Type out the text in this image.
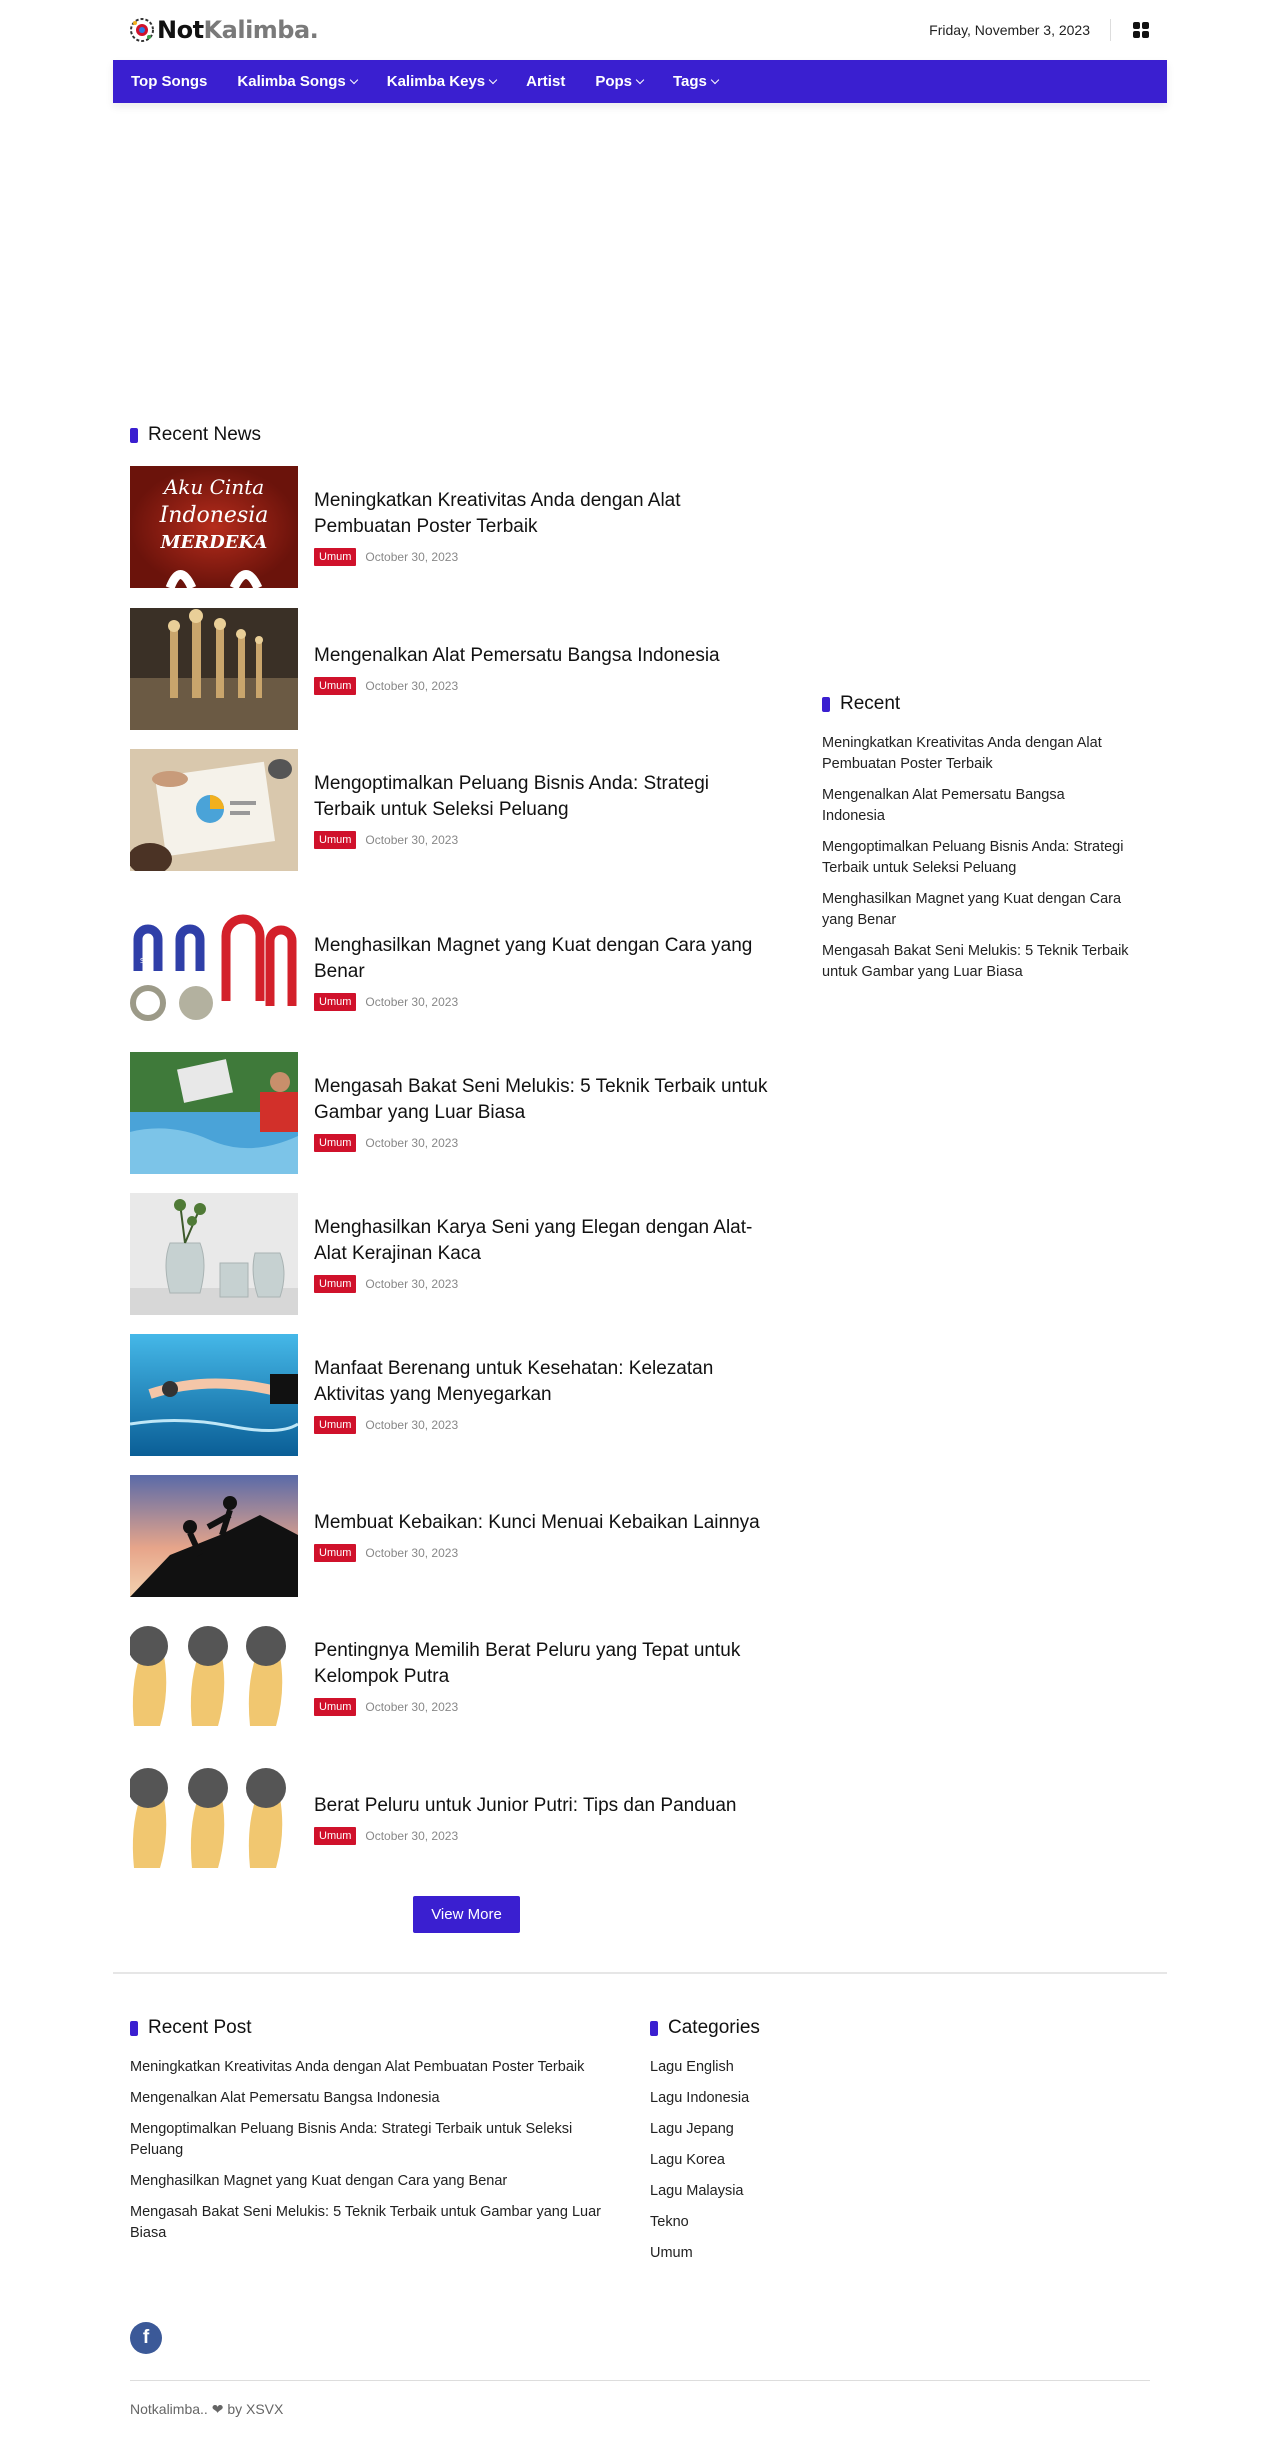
NotKalimba.	Friday, November 3, 2023
Top Songs Kalimba Songs	Kalimba Keys	Artist Pops	Tags
Recent News
Aku Cinta
Indonesia
MERDEKA
Meningkatkan Kreativitas Anda dengan Alat
Pembuatan Poster Terbaik
Umum	October 30, 2023
Mengenalkan Alat Pemersatu Bangsa Indonesia
Umum	October 30, 2023
Mengoptimalkan Peluang Bisnis Anda: Strategi
Terbaik untuk Seleksi Peluang
Umum	October 30, 2023
S	N
Menghasilkan Magnet yang Kuat dengan Cara yang
Benar
Umum	October 30, 2023
Mengasah Bakat Seni Melukis: 5 Teknik Terbaik untuk
Gambar yang Luar Biasa
Umum	October 30, 2023
Menghasilkan Karya Seni yang Elegan dengan Alat-
Alat Kerajinan Kaca
Umum	October 30, 2023
Manfaat Berenang untuk Kesehatan: Kelezatan
Aktivitas yang Menyegarkan
Umum	October 30, 2023
Membuat Kebaikan: Kunci Menuai Kebaikan Lainnya
Umum	October 30, 2023
Pentingnya Memilih Berat Peluru yang Tepat untuk
Kelompok Putra
Umum	October 30, 2023
Berat Peluru untuk Junior Putri: Tips dan Panduan
Umum	October 30, 2023
View More
Recent
Meningkatkan Kreativitas Anda dengan Alat
Pembuatan Poster Terbaik
Mengenalkan Alat Pemersatu Bangsa
Indonesia
Mengoptimalkan Peluang Bisnis Anda: Strategi
Terbaik untuk Seleksi Peluang
Menghasilkan Magnet yang Kuat dengan Cara
yang Benar
Mengasah Bakat Seni Melukis: 5 Teknik Terbaik
untuk Gambar yang Luar Biasa
Recent Post
Meningkatkan Kreativitas Anda dengan Alat Pembuatan Poster Terbaik
Mengenalkan Alat Pemersatu Bangsa Indonesia
Mengoptimalkan Peluang Bisnis Anda: Strategi Terbaik untuk Seleksi
Peluang
Menghasilkan Magnet yang Kuat dengan Cara yang Benar
Mengasah Bakat Seni Melukis: 5 Teknik Terbaik untuk Gambar yang Luar
Biasa
Categories
Lagu English
Lagu Indonesia
Lagu Jepang
Lagu Korea
Lagu Malaysia
Tekno
Umum
f
Notkalimba.. ❤ by XSVX
